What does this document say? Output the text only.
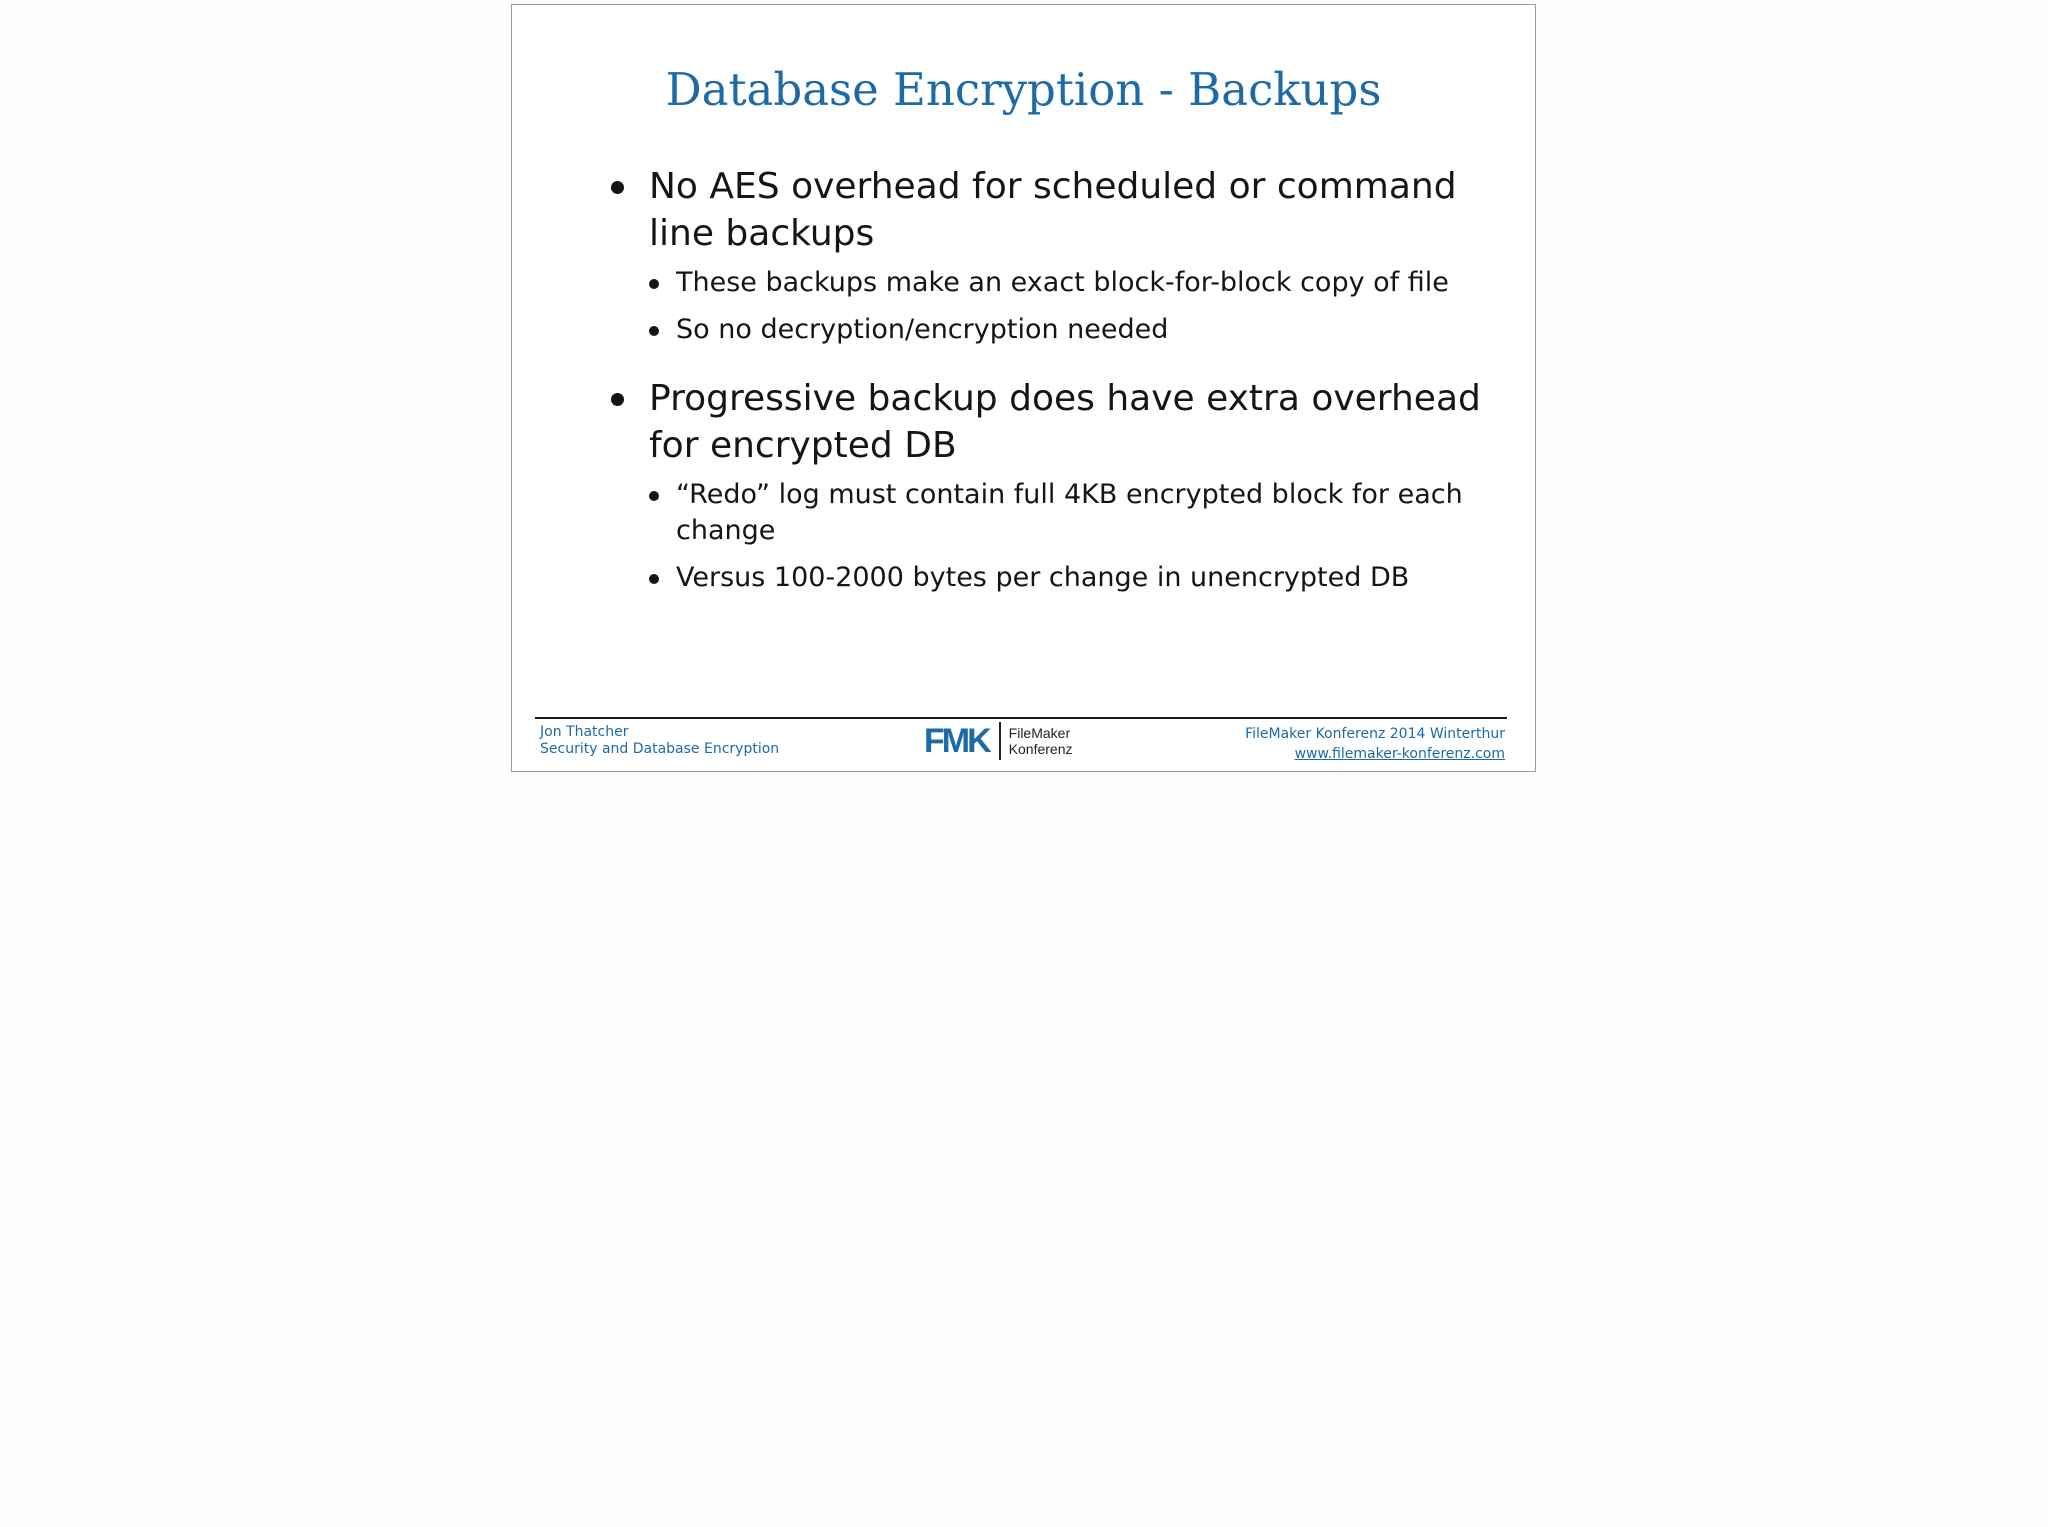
Database Encryption - Backups
No AES overhead for scheduled or command line backups
These backups make an exact block-for-block copy of file
So no decryption/encryption needed
Progressive backup does have extra overhead for encrypted DB
“Redo” log must contain full 4KB encrypted block for each change
Versus 100-2000 bytes per change in unencrypted DB
Jon Thatcher
Security and Database Encryption	FMK FileMaker
Konferenz
FileMaker Konferenz 2014 Winterthur
www.filemaker-konferenz.com
